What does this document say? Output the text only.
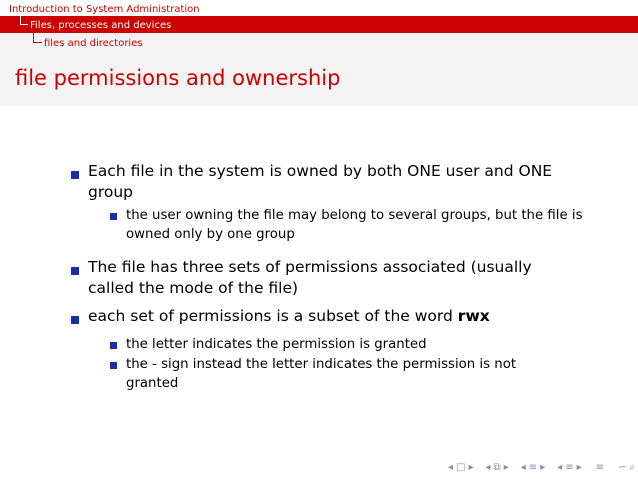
Introduction to System Administration
Files, processes and devices
files and directories
file permissions and ownership
Each file in the system is owned by both ONE user and ONE group
the user owning the file may belong to several groups, but the file is owned only by one group
The file has three sets of permissions associated (usually called the mode of the file)
each set of permissions is a subset of the word rwx
the letter indicates the permission is granted
the - sign instead the letter indicates the permission is not granted
◂ □ ▸ ◂ ⧉ ▸ ◂ ≡ ▸ ◂ ≡ ▸ ≡ ∽ ⌕
